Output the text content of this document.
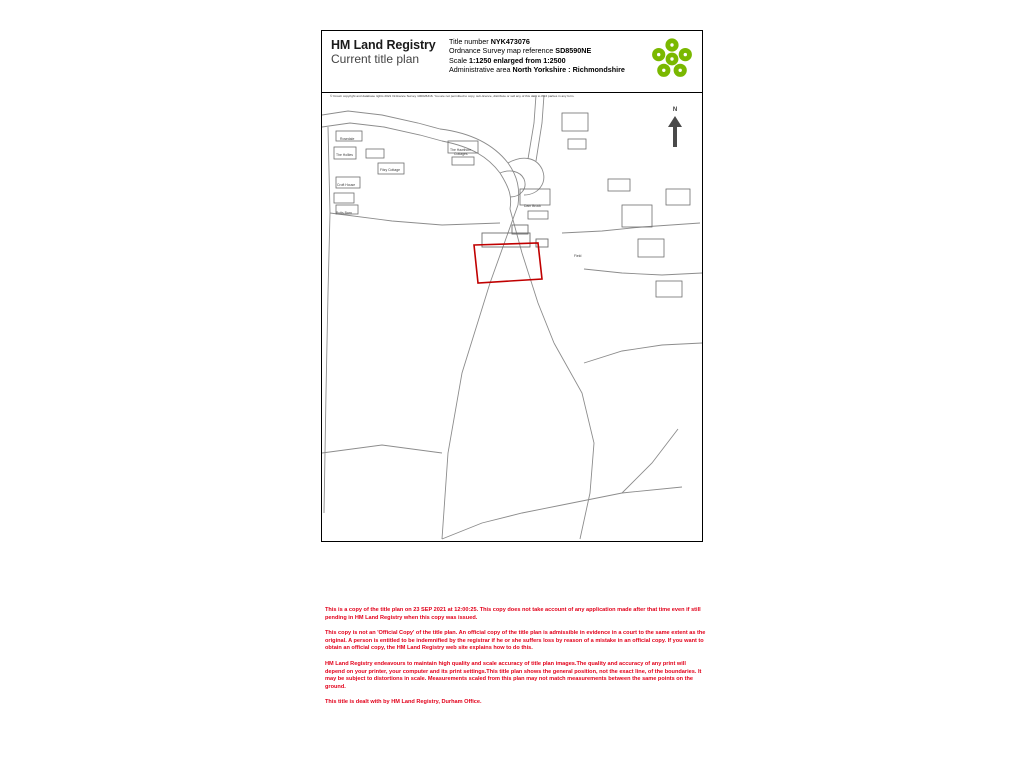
HM Land Registry
Current title plan
Title number NYK473076
Ordnance Survey map reference SD8590NE
Scale 1:1250 enlarged from 1:2500
Administrative area North Yorkshire : Richmondshire
© Crown copyright and database rights 2021 Ordnance Survey 100026316. You are not permitted to copy, sub-licence, distribute or sell any of this data to third parties in any form.
Rosedale
The Hollies
Fitzy Cottage
Croft House
Butts Barn
The Hawthorn
Cottages
Dam Brook
Field
N

This is a copy of the title plan on 23 SEP 2021 at 12:00:25. This copy does not take account of any application made after that time even if still pending in HM Land Registry when this copy was issued.

This copy is not an 'Official Copy' of the title plan. An official copy of the title plan is admissible in evidence in a court to the same extent as the original. A person is entitled to be indemnified by the registrar if he or she suffers loss by reason of a mistake in an official copy. If you want to obtain an official copy, the HM Land Registry web site explains how to do this.

HM Land Registry endeavours to maintain high quality and scale accuracy of title plan images.The quality and accuracy of any print will depend on your printer, your computer and its print settings.This title plan shows the general position, not the exact line, of the boundaries. It may be subject to distortions in scale. Measurements scaled from this plan may not match measurements between the same points on the ground.

This title is dealt with by HM Land Registry, Durham Office.
